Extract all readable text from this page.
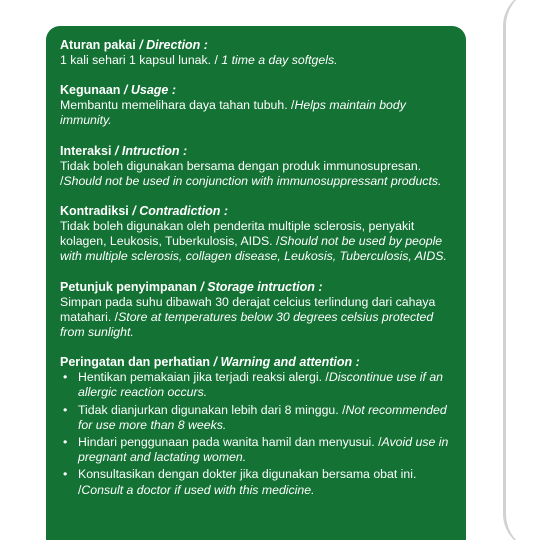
Aturan pakai / Direction :
1 kali sehari 1 kapsul lunak. / 1 time a day softgels.
Kegunaan / Usage :
Membantu memelihara daya tahan tubuh. /Helps maintain body immunity.
Interaksi / Intruction :
Tidak boleh digunakan bersama dengan produk immunosupresan. /Should not be used in conjunction with immunosuppressant products.
Kontradiksi / Contradiction :
Tidak boleh digunakan oleh penderita multiple sclerosis, penyakit kolagen, Leukosis, Tuberkulosis, AIDS. /Should not be used by people with multiple sclerosis, collagen disease, Leukosis, Tuberculosis, AIDS.
Petunjuk penyimpanan / Storage intruction :
Simpan pada suhu dibawah 30 derajat celcius terlindung dari cahaya matahari. /Store at temperatures below 30 degrees celsius protected from sunlight.
Peringatan dan perhatian / Warning and attention :
• Hentikan pemakaian jika terjadi reaksi alergi. /Discontinue use if an allergic reaction occurs.
• Tidak dianjurkan digunakan lebih dari 8 minggu. /Not recommended for use more than 8 weeks.
• Hindari penggunaan pada wanita hamil dan menyusui. /Avoid use in pregnant and lactating women.
• Konsultasikan dengan dokter jika digunakan bersama obat ini. /Consult a doctor if used with this medicine.
